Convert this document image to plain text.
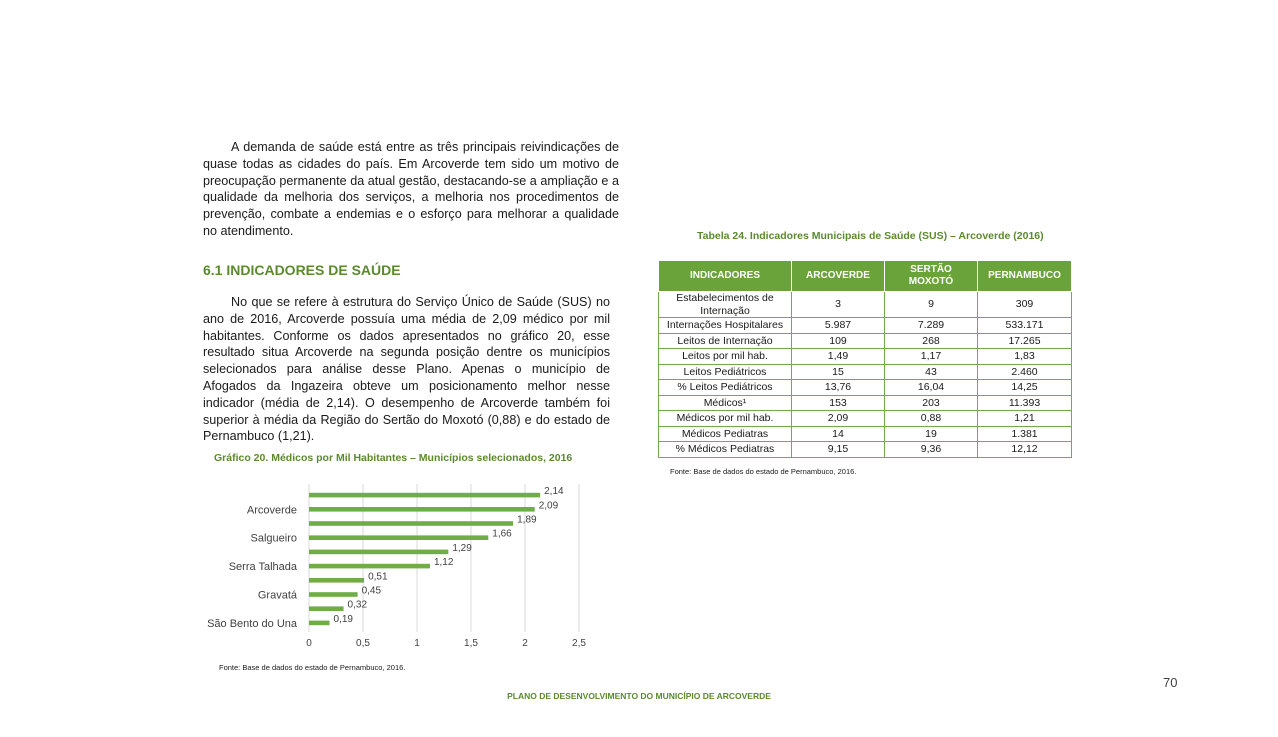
A demanda de saúde está entre as três principais reivindicações de quase todas as cidades do país. Em Arcoverde tem sido um motivo de preocupação permanente da atual gestão, destacando-se a ampliação e a qualidade da melhoria dos serviços, a melhoria nos procedimentos de prevenção, combate a endemias e o esforço para melhorar a qualidade no atendimento.

6.1 INDICADORES DE SAÚDE

No que se refere à estrutura do Serviço Único de Saúde (SUS) no ano de 2016, Arcoverde possuía uma média de 2,09 médico por mil habitantes. Conforme os dados apresentados no gráfico 20, esse resultado situa Arcoverde na segunda posição dentre os municípios selecionados para análise desse Plano. Apenas o município de Afogados da Ingazeira obteve um posicionamento melhor nesse indicador (média de 2,14). O desempenho de Arcoverde também foi superior à média da Região do Sertão do Moxotó (0,88) e do estado de Pernambuco (1,21).

Gráfico 20. Médicos por Mil Habitantes – Municípios selecionados, 2016

0	0,5	1	1,5	2	2,5
2,14
2,09
Arcoverde
1,89
1,66
Salgueiro
1,29
1,12
Serra Talhada
0,51
0,45
Gravatá
0,32
0,19
São Bento do Una

Fonte: Base de dados do estado de Pernambuco, 2016.

Tabela 24. Indicadores Municipais de Saúde (SUS) – Arcoverde (2016)

INDICADORES	ARCOVERDE	SERTÃO MOXOTÓ	PERNAMBUCO
Estabelecimentos de Internação	3	9	309
Internações Hospitalares	5.987	7.289	533.171
Leitos de Internação	109	268	17.265
Leitos por mil hab.	1,49	1,17	1,83
Leitos Pediátricos	15	43	2.460
% Leitos Pediátricos	13,76	16,04	14,25
Médicos¹	153	203	11.393
Médicos por mil hab.	2,09	0,88	1,21
Médicos Pediatras	14	19	1.381
% Médicos Pediatras	9,15	9,36	12,12

Fonte: Base de dados do estado de Pernambuco, 2016.

70
PLANO DE DESENVOLVIMENTO DO MUNICÍPIO DE ARCOVERDE
